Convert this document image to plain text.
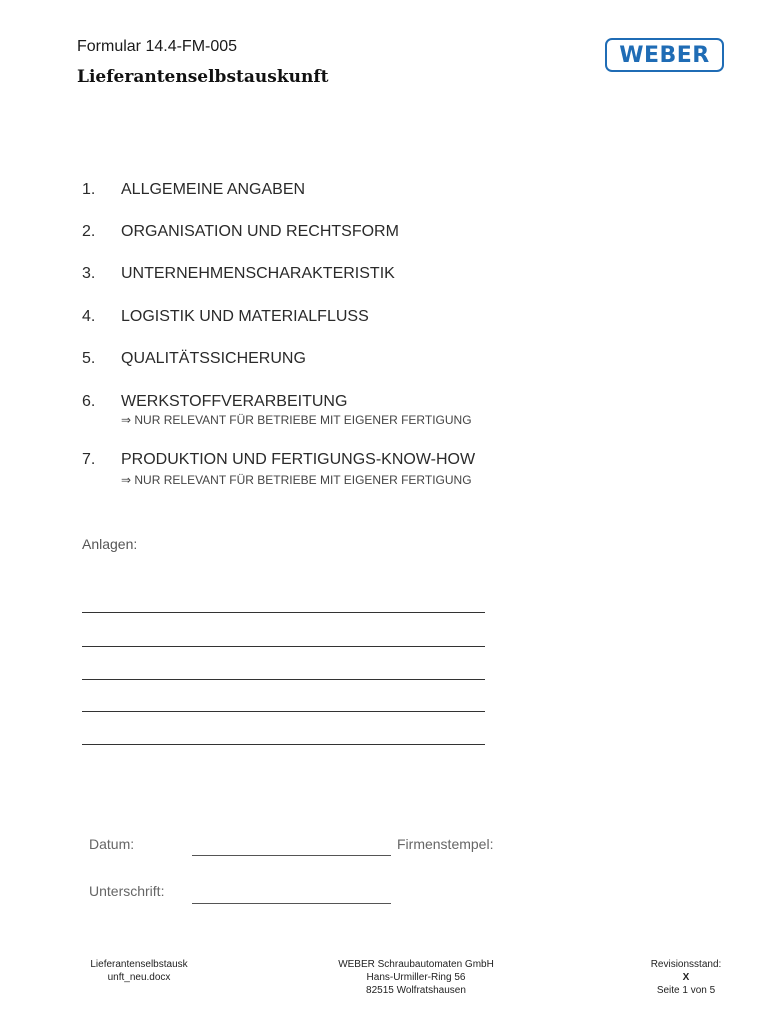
Formular 14.4-FM-005
Lieferantenselbstauskunft
WEBER
1. ALLGEMEINE ANGABEN
2. ORGANISATION UND RECHTSFORM
3. UNTERNEHMENSCHARAKTERISTIK
4. LOGISTIK UND MATERIALFLUSS
5. QUALITÄTSSICHERUNG
6. WERKSTOFFVERARBEITUNG
⇒ NUR RELEVANT FÜR BETRIEBE MIT EIGENER FERTIGUNG
7. PRODUKTION UND FERTIGUNGS-KNOW-HOW
⇒ NUR RELEVANT FÜR BETRIEBE MIT EIGENER FERTIGUNG
Anlagen:
Datum:	Firmenstempel:
Unterschrift:
Lieferantenselbstausk
unft_neu.docx
WEBER Schraubautomaten GmbH
Hans-Urmiller-Ring 56
82515 Wolfratshausen
Revisionsstand:
X
Seite 1 von 5
